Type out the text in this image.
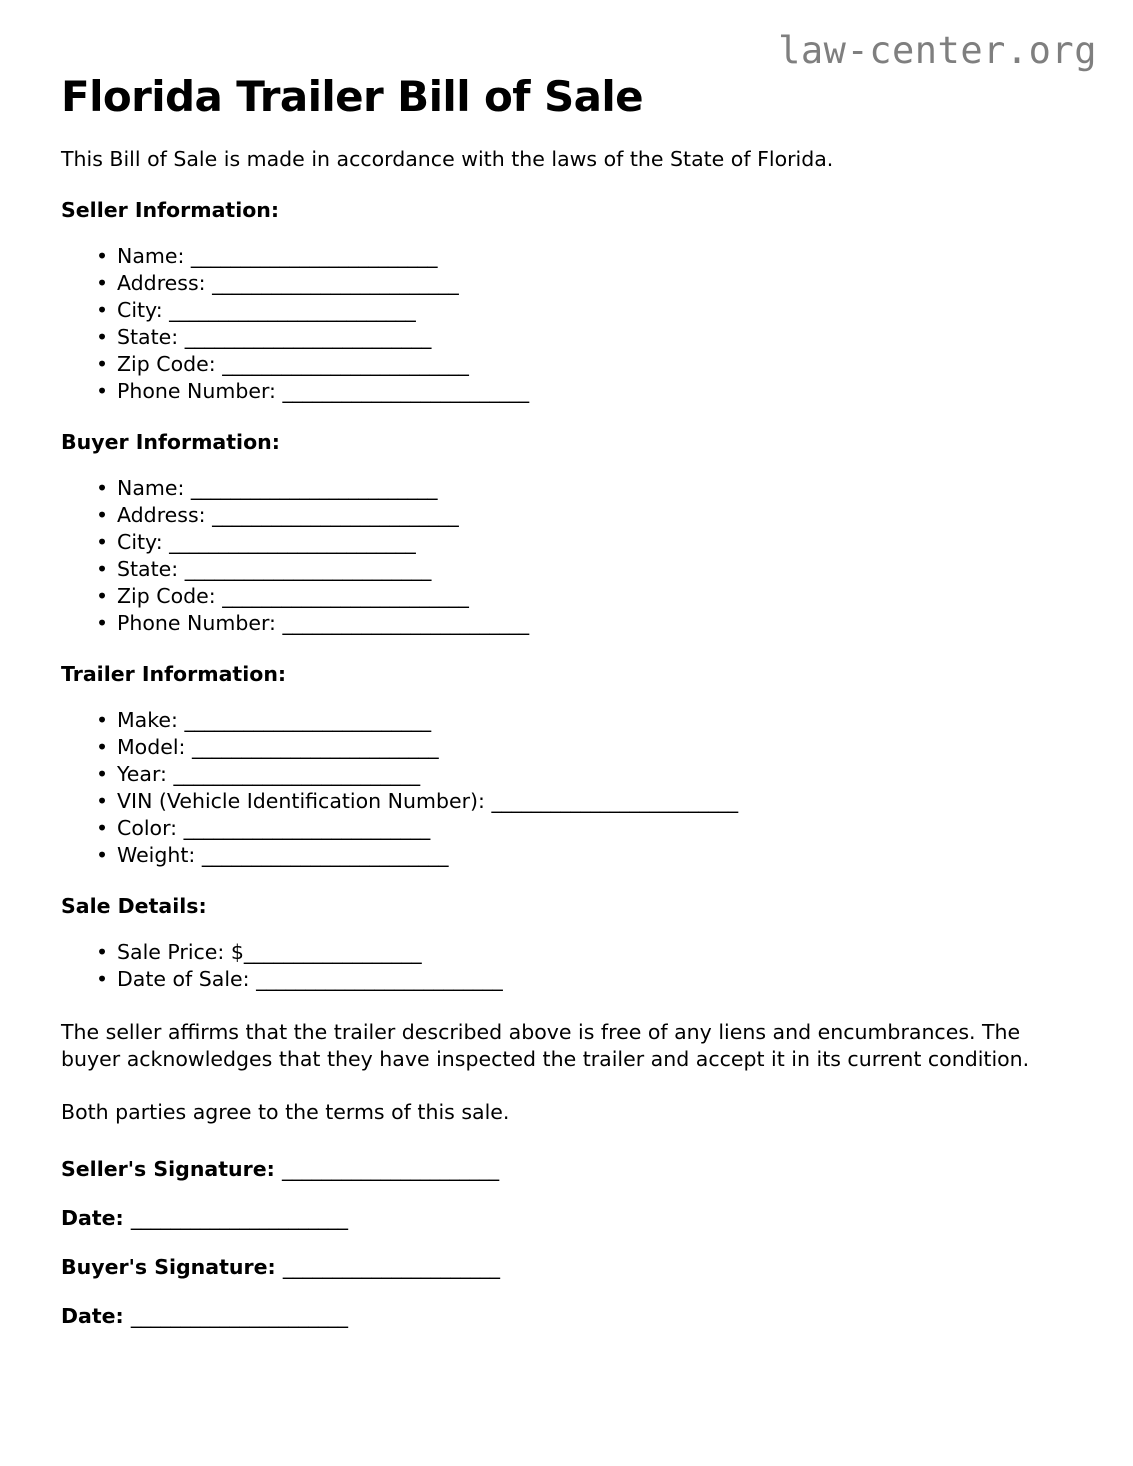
law-center.org
Florida Trailer Bill of Sale

This Bill of Sale is made in accordance with the laws of the State of Florida.

Seller Information:
• Name: _________________________
• Address: _________________________
• City: _________________________
• State: _________________________
• Zip Code: _________________________
• Phone Number: _________________________
Buyer Information:
• Name: _________________________
• Address: _________________________
• City: _________________________
• State: _________________________
• Zip Code: _________________________
• Phone Number: _________________________
Trailer Information:
• Make: _________________________
• Model: _________________________
• Year: _________________________
• VIN (Vehicle Identification Number): _________________________
• Color: _________________________
• Weight: _________________________
Sale Details:
• Sale Price: $__________________
• Date of Sale: _________________________

The seller affirms that the trailer described above is free of any liens and encumbrances. The buyer acknowledges that they have inspected the trailer and accept it in its current condition.

Both parties agree to the terms of this sale.

Seller's Signature: ______________________
Date: ______________________
Buyer's Signature: ______________________
Date: ______________________
